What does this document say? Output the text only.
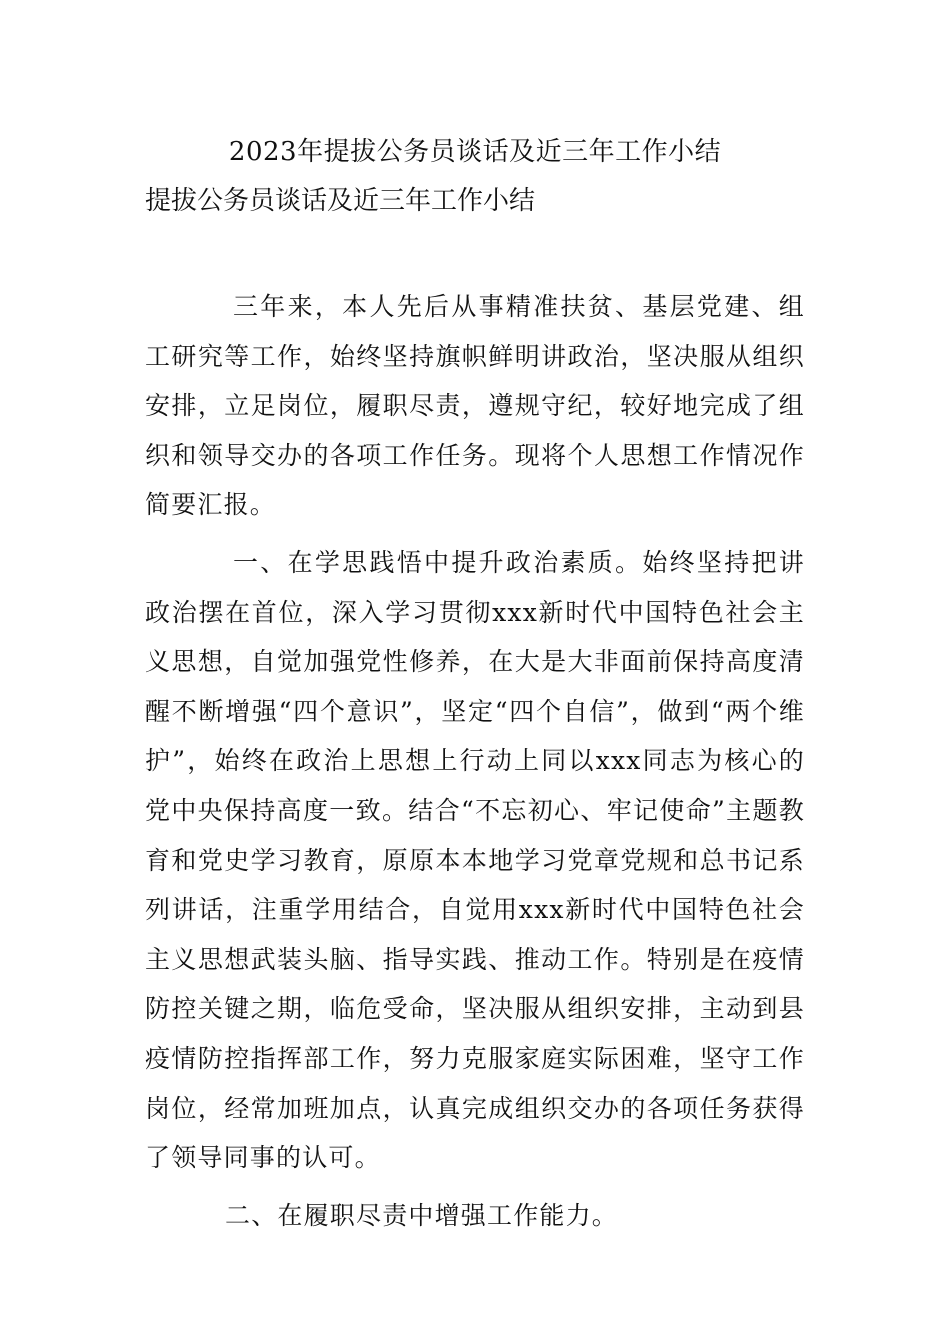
2023年提拔公务员谈话及近三年工作小结
提拔公务员谈话及近三年工作小结

三年来，本人先后从事精准扶贫、基层党建、组工研究等工作，始终坚持旗帜鲜明讲政治，坚决服从组织安排，立足岗位，履职尽责，遵规守纪，较好地完成了组织和领导交办的各项工作任务。现将个人思想工作情况作简要汇报。

一、在学思践悟中提升政治素质。始终坚持把讲政治摆在首位，深入学习贯彻xxx新时代中国特色社会主义思想，自觉加强党性修养，在大是大非面前保持高度清醒不断增强“四个意识”，坚定“四个自信”，做到“两个维护”，始终在政治上思想上行动上同以xxx同志为核心的党中央保持高度一致。结合“不忘初心、牢记使命”主题教育和党史学习教育，原原本本地学习党章党规和总书记系列讲话，注重学用结合，自觉用xxx新时代中国特色社会主义思想武装头脑、指导实践、推动工作。特别是在疫情防控关键之期，临危受命，坚决服从组织安排，主动到县疫情防控指挥部工作，努力克服家庭实际困难，坚守工作岗位，经常加班加点，认真完成组织交办的各项任务获得了领导同事的认可。

二、在履职尽责中增强工作能力。
